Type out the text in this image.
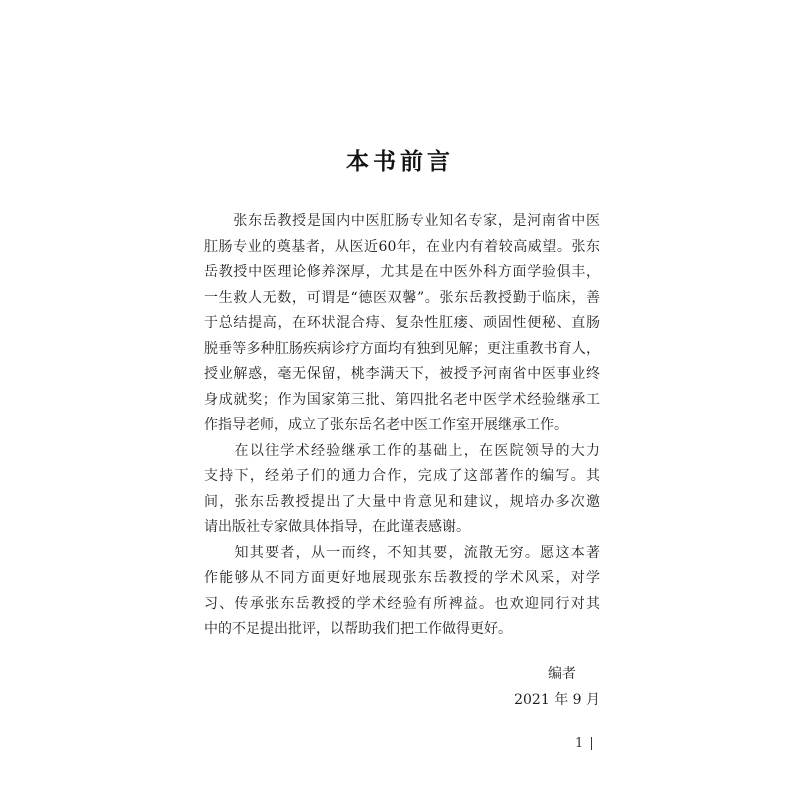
本书前言
　　张东岳教授是国内中医肛肠专业知名专家，是河南省中医
肛肠专业的奠基者，从医近60年，在业内有着较高威望。张东
岳教授中医理论修养深厚，尤其是在中医外科方面学验俱丰，
一生救人无数，可谓是“德医双馨”。张东岳教授勤于临床，善
于总结提高，在环状混合痔、复杂性肛瘘、顽固性便秘、直肠
脱垂等多种肛肠疾病诊疗方面均有独到见解；更注重教书育人，
授业解惑，毫无保留，桃李满天下，被授予河南省中医事业终
身成就奖；作为国家第三批、第四批名老中医学术经验继承工
作指导老师，成立了张东岳名老中医工作室开展继承工作。
　　在以往学术经验继承工作的基础上，在医院领导的大力
支持下，经弟子们的通力合作，完成了这部著作的编写。其
间，张东岳教授提出了大量中肯意见和建议，规培办多次邀
请出版社专家做具体指导，在此谨表感谢。
　　知其要者，从一而终，不知其要，流散无穷。愿这本著
作能够从不同方面更好地展现张东岳教授的学术风采，对学
习、传承张东岳教授的学术经验有所裨益。也欢迎同行对其
中的不足提出批评，以帮助我们把工作做得更好。
编者
2021 年 9 月
1
